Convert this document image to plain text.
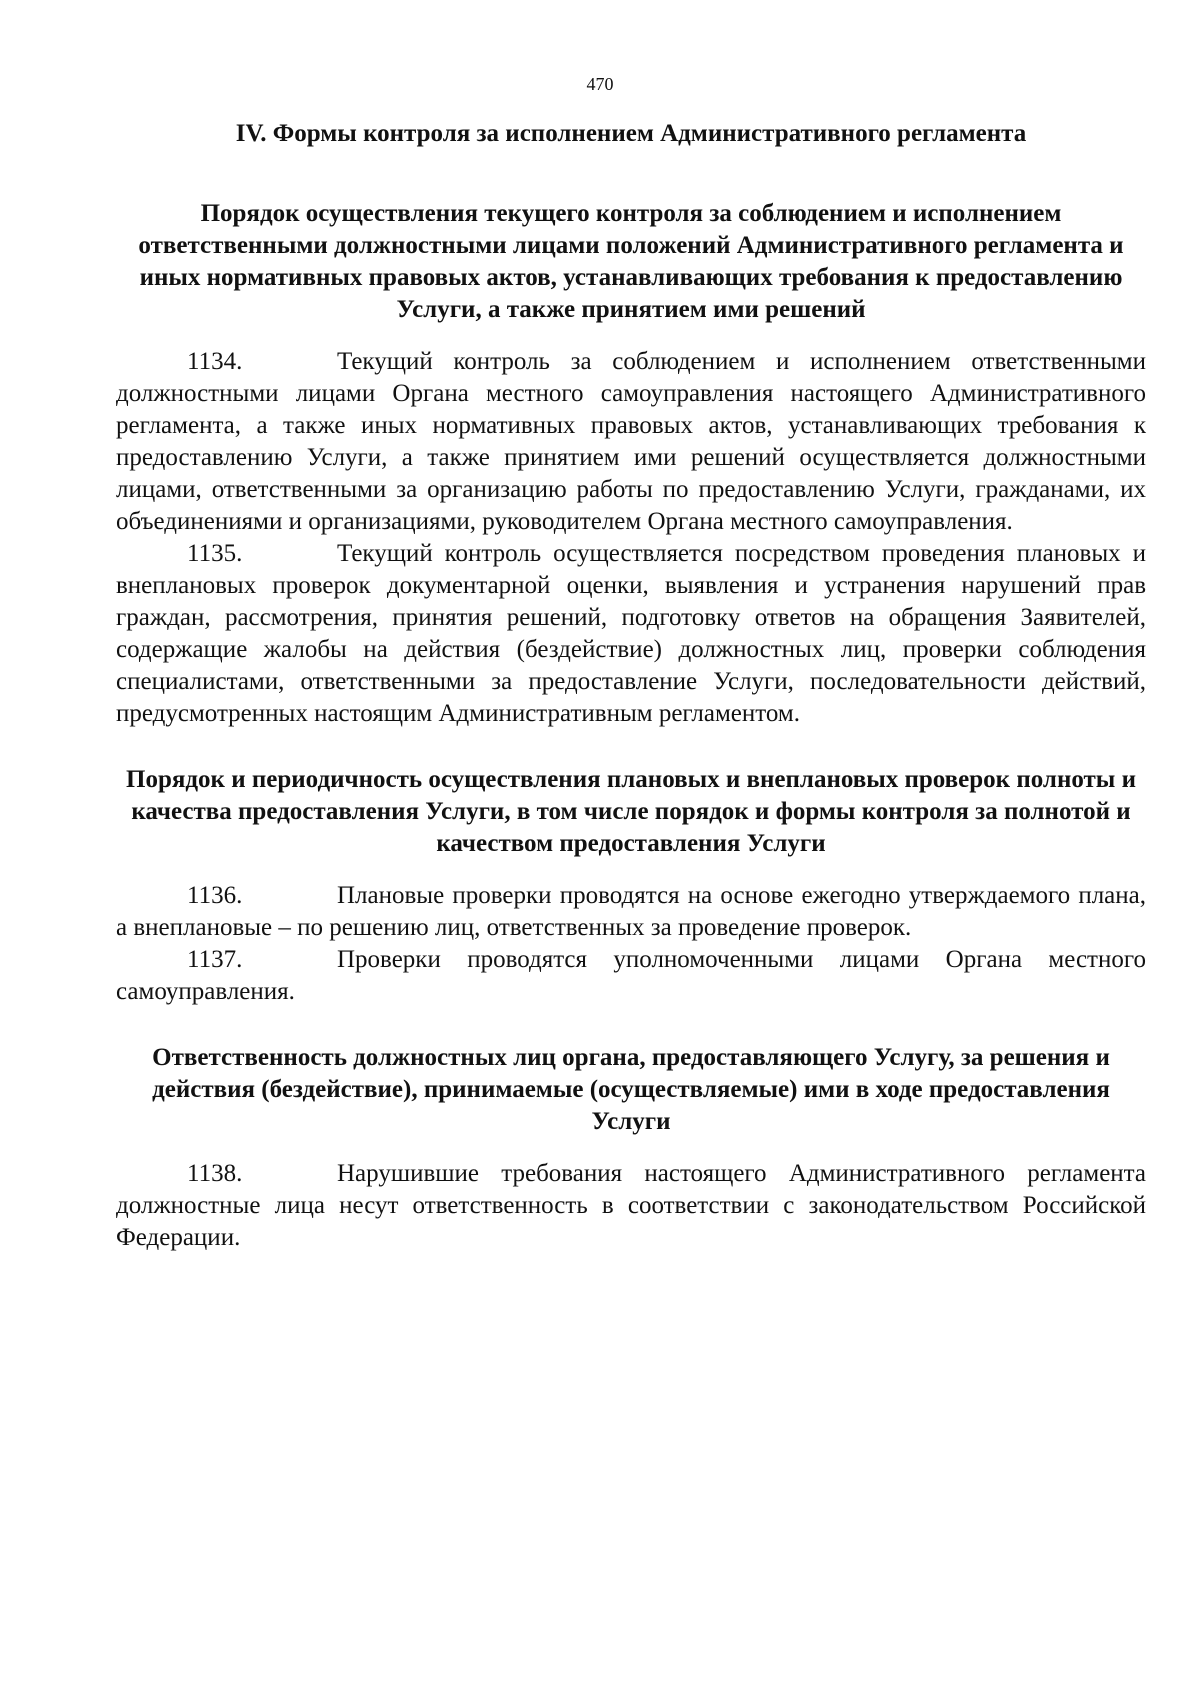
470
IV. Формы контроля за исполнением Административного регламента
Порядок осуществления текущего контроля за соблюдением и исполнением ответственными должностными лицами положений Административного регламента и иных нормативных правовых актов, устанавливающих требования к предоставлению Услуги, а также принятием ими решений

1134.	Текущий контроль за соблюдением и исполнением ответственными должностными лицами Органа местного самоуправления настоящего Административного регламента, а также иных нормативных правовых актов, устанавливающих требования к предоставлению Услуги, а также принятием ими решений осуществляется должностными лицами, ответственными за организацию работы по предоставлению Услуги, гражданами, их объединениями и организациями, руководителем Органа местного самоуправления.

1135.	Текущий контроль осуществляется посредством проведения плановых и внеплановых проверок документарной оценки, выявления и устранения нарушений прав граждан, рассмотрения, принятия решений, подготовку ответов на обращения Заявителей, содержащие жалобы на действия (бездействие) должностных лиц, проверки соблюдения специалистами, ответственными за предоставление Услуги, последовательности действий, предусмотренных настоящим Административным регламентом.

Порядок и периодичность осуществления плановых и внеплановых проверок полноты и качества предоставления Услуги, в том числе порядок и формы контроля за полнотой и качеством предоставления Услуги

1136.	Плановые проверки проводятся на основе ежегодно утверждаемого плана, а внеплановые – по решению лиц, ответственных за проведение проверок.

1137.	Проверки проводятся уполномоченными лицами Органа местного самоуправления.

Ответственность должностных лиц органа, предоставляющего Услугу, за решения и действия (бездействие), принимаемые (осуществляемые) ими в ходе предоставления Услуги

1138.	Нарушившие требования настоящего Административного регламента должностные лица несут ответственность в соответствии с законодательством Российской Федерации.
